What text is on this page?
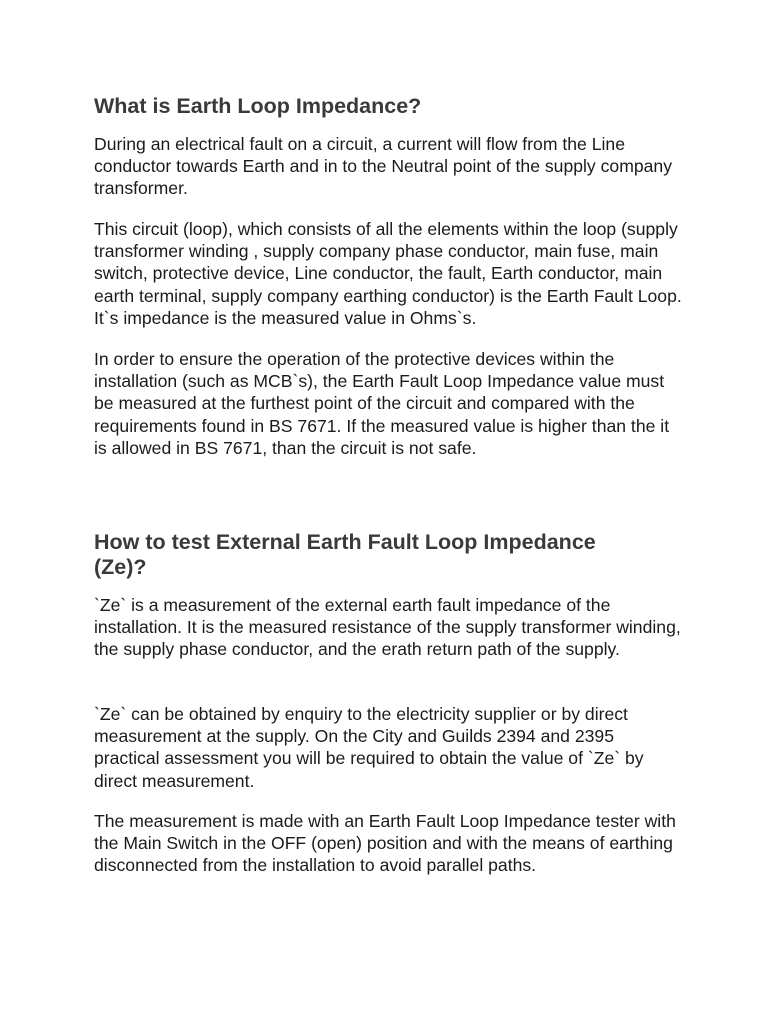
What is Earth Loop Impedance?

During an electrical fault on a circuit, a current will flow from the Line conductor towards Earth and in to the Neutral point of the supply company transformer.

This circuit (loop), which consists of all the elements within the loop (supply transformer winding , supply company phase conductor, main fuse, main switch, protective device, Line conductor, the fault, Earth conductor, main earth terminal, supply company earthing conductor) is the Earth Fault Loop. It`s impedance is the measured value in Ohms`s.

In order to ensure the operation of the protective devices within the installation (such as MCB`s), the Earth Fault Loop Impedance value must be measured at the furthest point of the circuit and compared with the requirements found in BS 7671. If the measured value is higher than the it is allowed in BS 7671, than the circuit is not safe.

How to test External Earth Fault Loop Impedance (Ze)?

`Ze` is a measurement of the external earth fault impedance of the installation. It is the measured resistance of the supply transformer winding, the supply phase conductor, and the erath return path of the supply.

`Ze` can be obtained by enquiry to the electricity supplier or by direct measurement at the supply. On the City and Guilds 2394 and 2395 practical assessment you will be required to obtain the value of `Ze` by direct measurement.

The measurement is made with an Earth Fault Loop Impedance tester with the Main Switch in the OFF (open) position and with the means of earthing disconnected from the installation to avoid parallel paths.
